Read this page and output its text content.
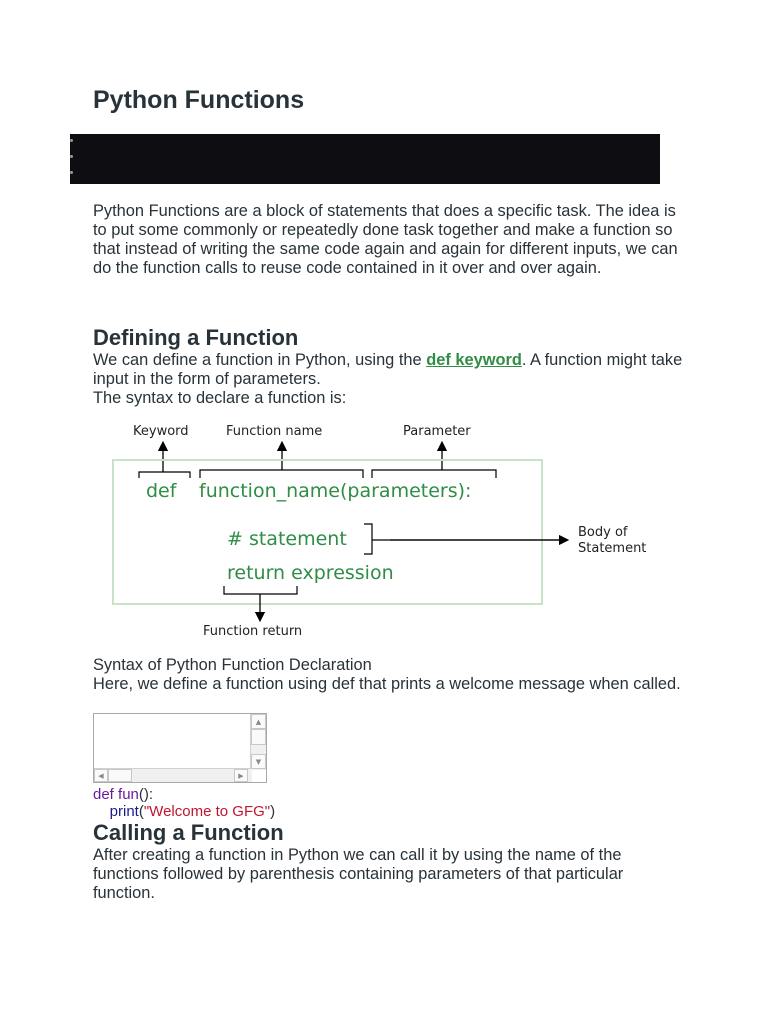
Python Functions

Python Functions are a block of statements that does a specific task. The idea is to put some commonly or repeatedly done task together and make a function so that instead of writing the same code again and again for different inputs, we can do the function calls to reuse code contained in it over and over again.

Defining a Function

We can define a function in Python, using the def keyword. A function might take input in the form of parameters.

The syntax to declare a function is:

Keyword	Function name	Parameter
def function_name(parameters):
# statement
return expression
Body of
Statement
Function return

Syntax of Python Function Declaration

Here, we define a function using def that prints a welcome message when called.

▲
▼
◀	▶

def fun():

print("Welcome to GFG")

Calling a Function

After creating a function in Python we can call it by using the name of the functions followed by parenthesis containing parameters of that particular function.
